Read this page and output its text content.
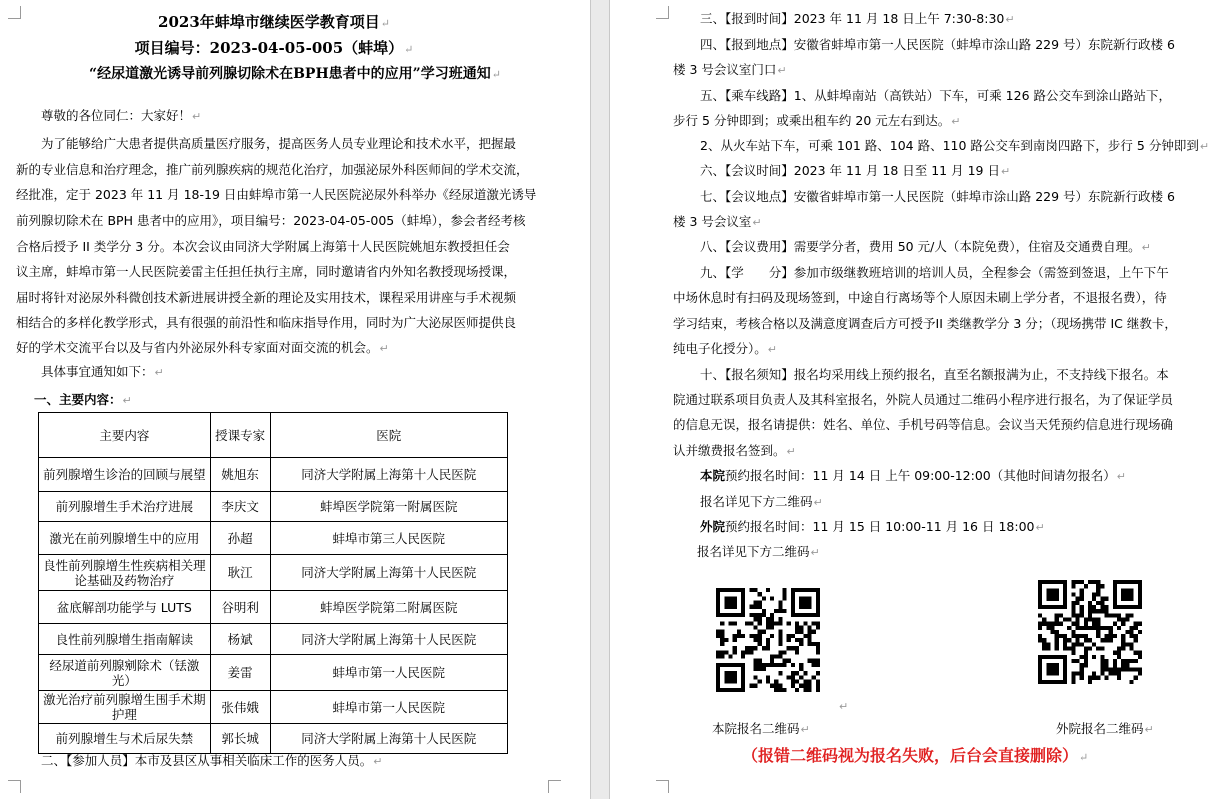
2023年蚌埠市继续医学教育项目↵
项目编号：2023-04-05-005（蚌埠）↵
“经尿道激光诱导前列腺切除术在BPH患者中的应用”学习班通知↵
尊敬的各位同仁：大家好！↵
为了能够给广大患者提供高质量医疗服务，提高医务人员专业理论和技术水平，把握最
新的专业信息和治疗理念，推广前列腺疾病的规范化治疗，加强泌尿外科医师间的学术交流，
经批准，定于 2023 年 11 月 18-19 日由蚌埠市第一人民医院泌尿外科举办《经尿道激光诱导
前列腺切除术在 BPH 患者中的应用》，项目编号：2023-04-05-005（蚌埠），参会者经考核
合格后授予 II 类学分 3 分。本次会议由同济大学附属上海第十人民医院姚旭东教授担任会
议主席，蚌埠市第一人民医院姜雷主任担任执行主席，同时邀请省内外知名教授现场授课，
届时将针对泌尿外科微创技术新进展讲授全新的理论及实用技术，课程采用讲座与手术视频
相结合的多样化教学形式，具有很强的前沿性和临床指导作用，同时为广大泌尿医师提供良
好的学术交流平台以及与省内外泌尿外科专家面对面交流的机会。↵
具体事宜通知如下：↵
一、主要内容：↵
主要内容	授课专家	医院
前列腺增生诊治的回顾与展望	姚旭东	同济大学附属上海第十人民医院
前列腺增生手术治疗进展	李庆文	蚌埠医学院第一附属医院
激光在前列腺增生中的应用	孙超	蚌埠市第三人民医院
良性前列腺增生性疾病相关理论基础及药物治疗	耿江	同济大学附属上海第十人民医院
盆底解剖功能学与 LUTS	谷明利	蚌埠医学院第二附属医院
良性前列腺增生指南解读	杨斌	同济大学附属上海第十人民医院
经尿道前列腺剜除术（铥激光）	姜雷	蚌埠市第一人民医院
激光治疗前列腺增生围手术期护理	张伟娥	蚌埠市第一人民医院
前列腺增生与术后尿失禁	郭长城	同济大学附属上海第十人民医院
二、【参加人员】本市及县区从事相关临床工作的医务人员。↵
三、【报到时间】2023 年 11 月 18 日上午 7:30-8:30↵
四、【报到地点】安徽省蚌埠市第一人民医院（蚌埠市涂山路 229 号）东院新行政楼 6
楼 3 号会议室门口↵
五、【乘车线路】1、从蚌埠南站（高铁站）下车，可乘 126 路公交车到涂山路站下，
步行 5 分钟即到；或乘出租车约 20 元左右到达。↵
2、从火车站下车，可乘 101 路、104 路、110 路公交车到南岗四路下，步行 5 分钟即到↵
六、【会议时间】2023 年 11 月 18 日至 11 月 19 日↵
七、【会议地点】安徽省蚌埠市第一人民医院（蚌埠市涂山路 229 号）东院新行政楼 6
楼 3 号会议室↵
八、【会议费用】需要学分者，费用 50 元/人（本院免费），住宿及交通费自理。↵
九、【学　　分】参加市级继教班培训的培训人员，全程参会（需签到签退，上午下午
中场休息时有扫码及现场签到，中途自行离场等个人原因未刷上学分者，不退报名费），待
学习结束，考核合格以及满意度调查后方可授予II 类继教学分 3 分；（现场携带 IC 继教卡，
纯电子化授分）。↵
十、【报名须知】报名均采用线上预约报名，直至名额报满为止，不支持线下报名。本
院通过联系项目负责人及其科室报名，外院人员通过二维码小程序进行报名，为了保证学员
的信息无误，报名请提供：姓名、单位、手机号码等信息。会议当天凭预约信息进行现场确
认并缴费报名签到。↵
本院预约报名时间：11 月 14 日 上午 09:00-12:00（其他时间请勿报名）↵
报名详见下方二维码↵
外院预约报名时间：11 月 15 日 10:00-11 月 16 日 18:00↵
报名详见下方二维码↵
↵
本院报名二维码↵	外院报名二维码↵
（报错二维码视为报名失败，后台会直接删除）↵
